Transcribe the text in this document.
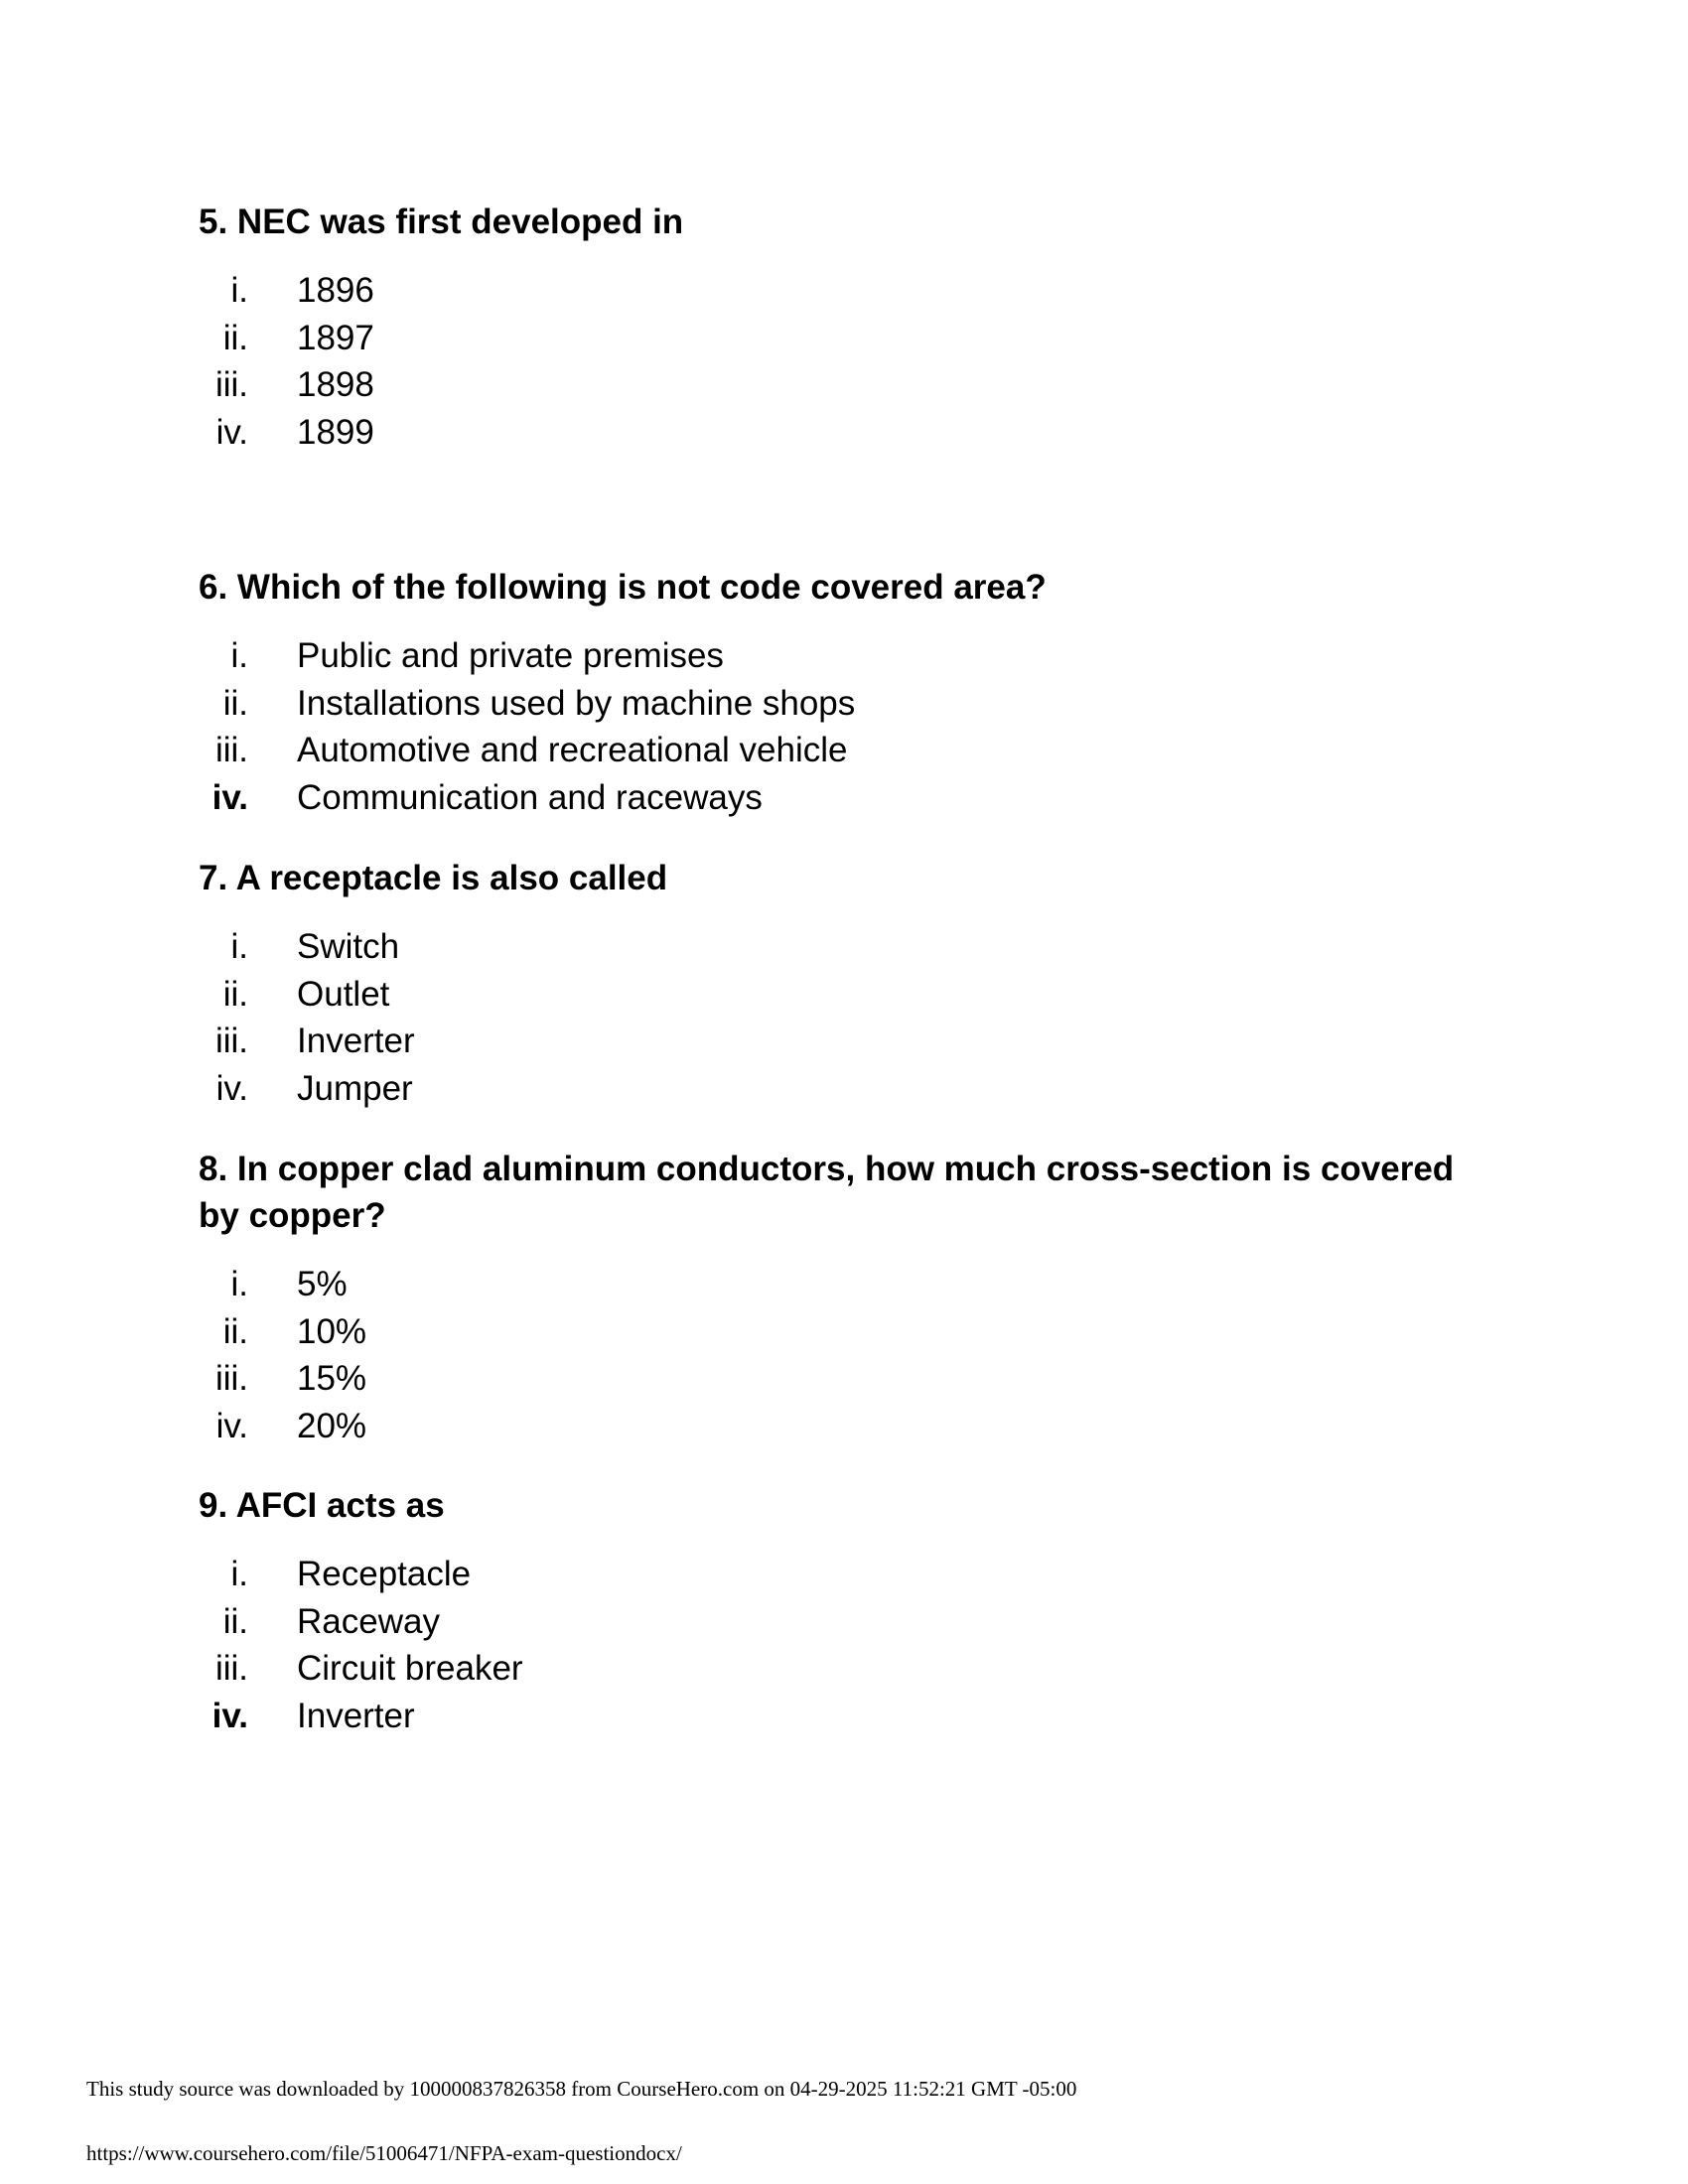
5. NEC was first developed in

i. 1896
ii. 1897
iii. 1898
iv. 1899

6. Which of the following is not code covered area?

i. Public and private premises
ii. Installations used by machine shops
iii. Automotive and recreational vehicle
iv. Communication and raceways

7. A receptacle is also called

i. Switch
ii. Outlet
iii. Inverter
iv. Jumper

8. In copper clad aluminum conductors, how much cross-section is covered by copper?

i. 5%
ii. 10%
iii. 15%
iv. 20%

9. AFCI acts as

i. Receptacle
ii. Raceway
iii. Circuit breaker
iv. Inverter
This study source was downloaded by 100000837826358 from CourseHero.com on 04-29-2025 11:52:21 GMT -05:00
https://www.coursehero.com/file/51006471/NFPA-exam-questiondocx/
